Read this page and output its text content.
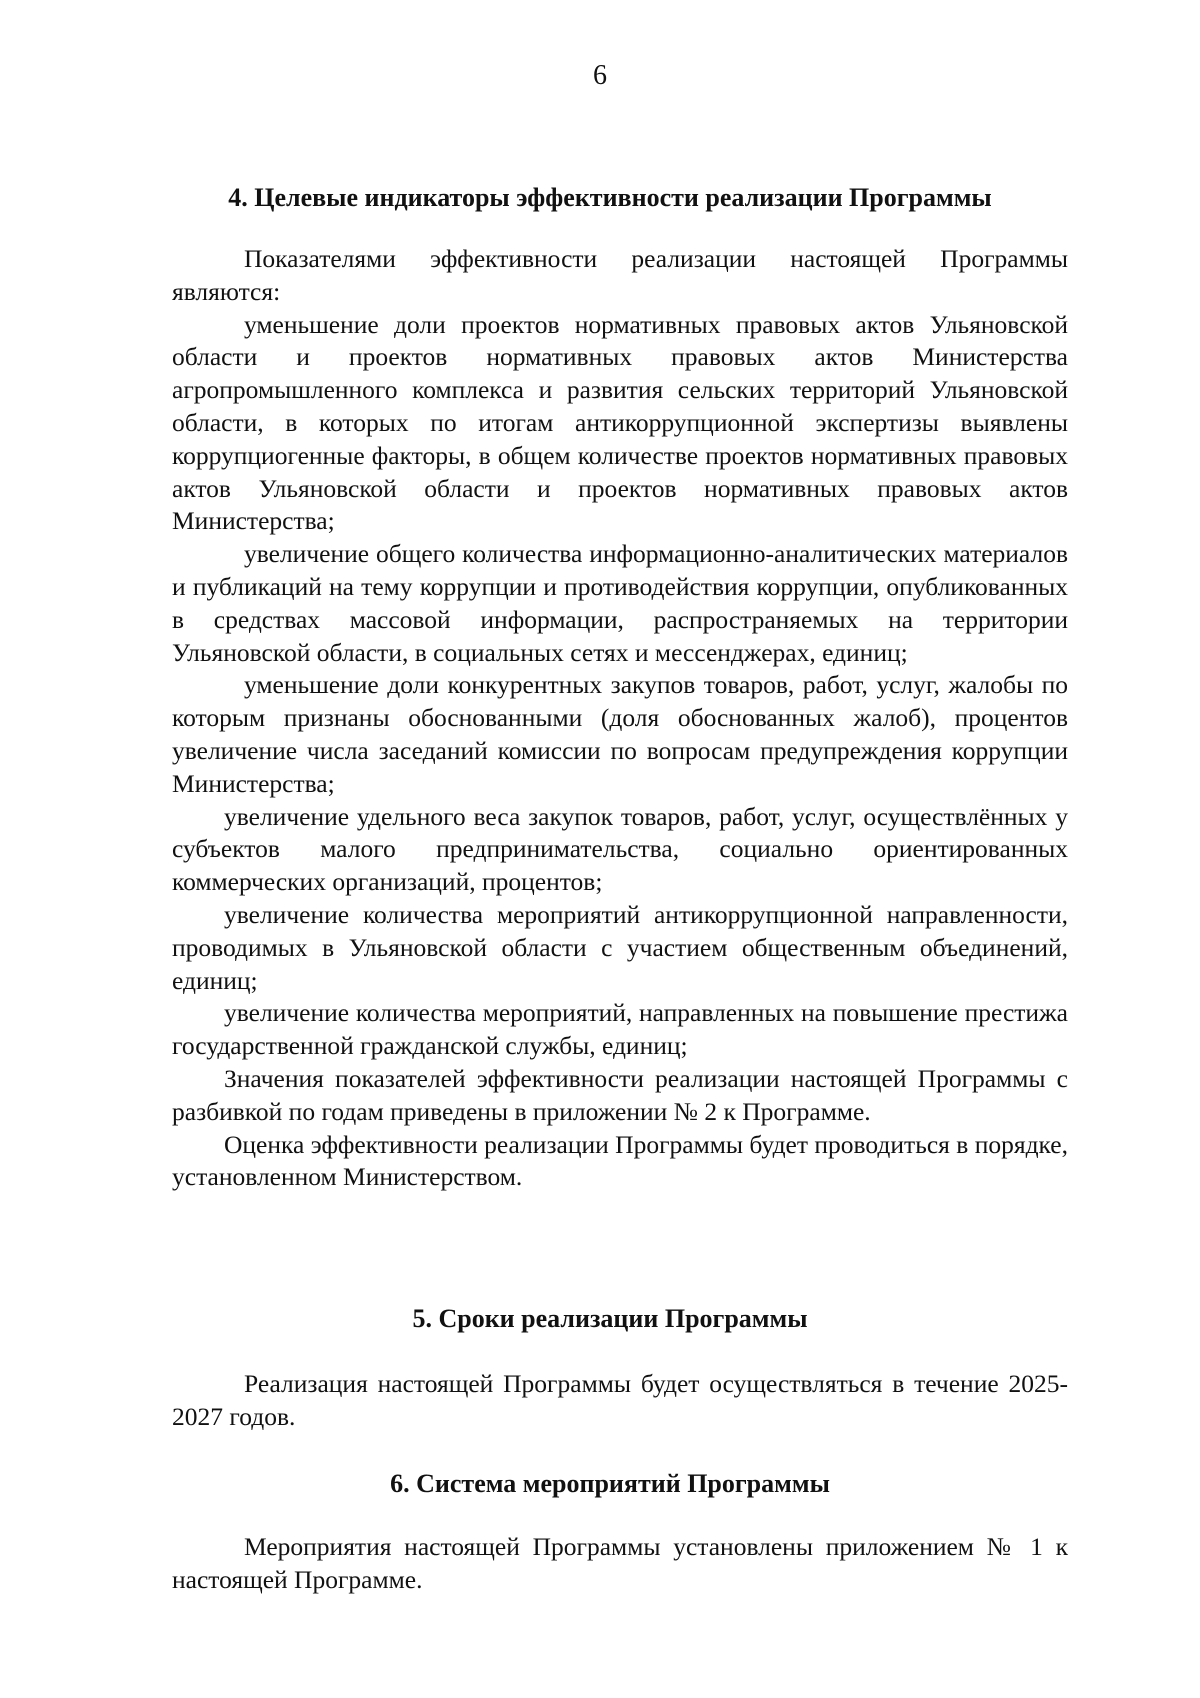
6
4. Целевые индикаторы эффективности реализации Программы

Показателями эффективности реализации настоящей Программы являются:

уменьшение доли проектов нормативных правовых актов Ульяновской области и проектов нормативных правовых актов Министерства агропромышленного комплекса и развития сельских территорий Ульяновской области, в которых по итогам антикоррупционной экспертизы выявлены коррупциогенные факторы, в общем количестве проектов нормативных правовых актов Ульяновской области и проектов нормативных правовых актов Министерства;

увеличение общего количества информационно-аналитических материалов и публикаций на тему коррупции и противодействия коррупции, опубликованных в средствах массовой информации, распространяемых на территории Ульяновской области, в социальных сетях и мессенджерах, единиц;

уменьшение доли конкурентных закупов товаров, работ, услуг, жалобы по которым признаны обоснованными (доля обоснованных жалоб), процентов увеличение числа заседаний комиссии по вопросам предупреждения коррупции Министерства;

увеличение удельного веса закупок товаров, работ, услуг, осуществлённых у субъектов малого предпринимательства, социально ориентированных коммерческих организаций, процентов;

увеличение количества мероприятий антикоррупционной направленности, проводимых в Ульяновской области с участием общественным объединений, единиц;

увеличение количества мероприятий, направленных на повышение престижа государственной гражданской службы, единиц;

Значения показателей эффективности реализации настоящей Программы с разбивкой по годам приведены в приложении № 2 к Программе.

Оценка эффективности реализации Программы будет проводиться в порядке, установленном Министерством.

5. Сроки реализации Программы

Реализация настоящей Программы будет осуществляться в течение 2025-2027 годов.

6. Система мероприятий Программы

Мероприятия настоящей Программы установлены приложением № 1 к настоящей Программе.
